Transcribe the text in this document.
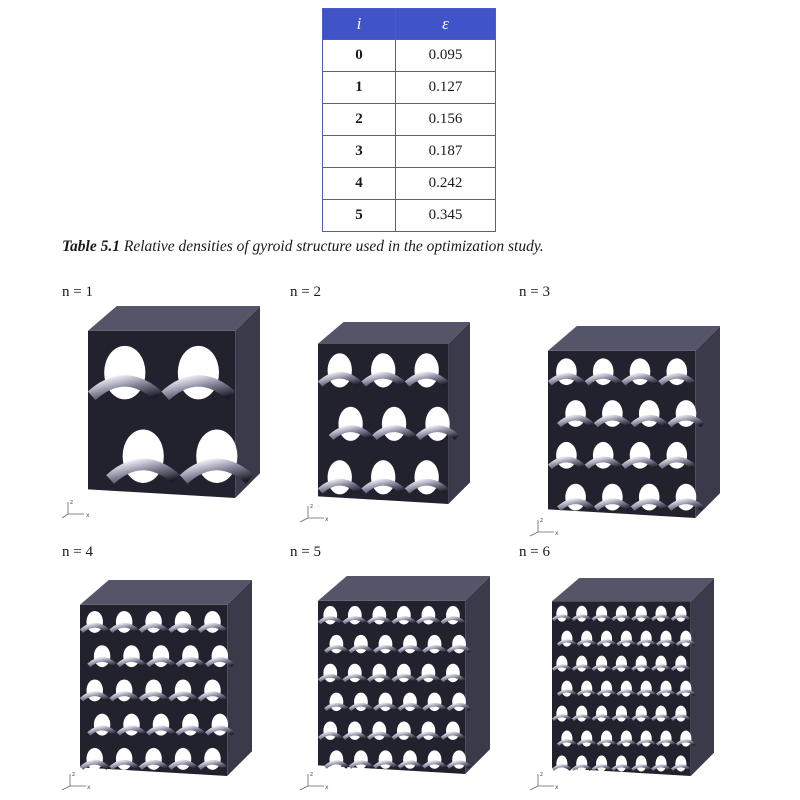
i	ε
0	0.095
1	0.127
2	0.156
3	0.187
4	0.242
5	0.345
Table 5.1 Relative densities of gyroid structure used in the optimization study.
n = 1	n = 2	n = 3
n = 4	n = 5	n = 6
z
x
z
x	z
x
z
x
z
x
z
x
